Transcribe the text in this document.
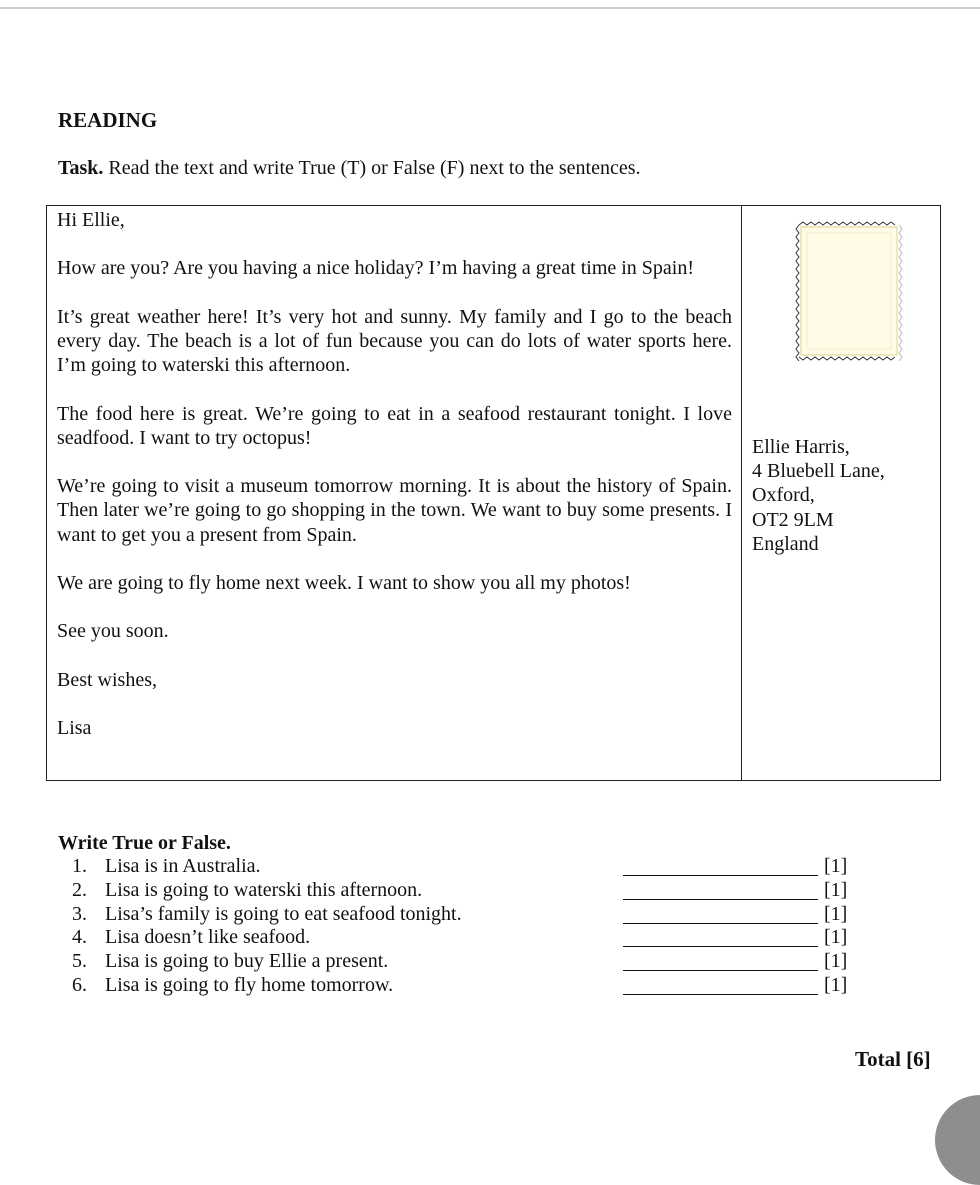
READING
Task. Read the text and write True (T) or False (F) next to the sentences.

Hi Ellie,

How are you? Are you having a nice holiday? I’m having a great time in Spain!

It’s great weather here! It’s very hot and sunny. My family and I go to the beach every day. The beach is a lot of fun because you can do lots of water sports here. I’m going to waterski this afternoon.

The food here is great. We’re going to eat in a seafood restaurant tonight. I love seadfood. I want to try octopus!

We’re going to visit a museum tomorrow morning. It is about the history of Spain. Then later we’re going to go shopping in the town. We want to buy some presents. I want to get you a present from Spain.

We are going to fly home next week. I want to show you all my photos!

See you soon.

Best wishes,

Lisa

Ellie Harris,
4 Bluebell Lane,
Oxford,
OT2 9LM
England
Write True or False.
1. Lisa is in Australia.	[1]
2. Lisa is going to waterski this afternoon.	[1]
3. Lisa’s family is going to eat seafood tonight.	[1]
4. Lisa doesn’t like seafood.	[1]
5. Lisa is going to buy Ellie a present.	[1]
6. Lisa is going to fly home tomorrow.	[1]
Total [6]
